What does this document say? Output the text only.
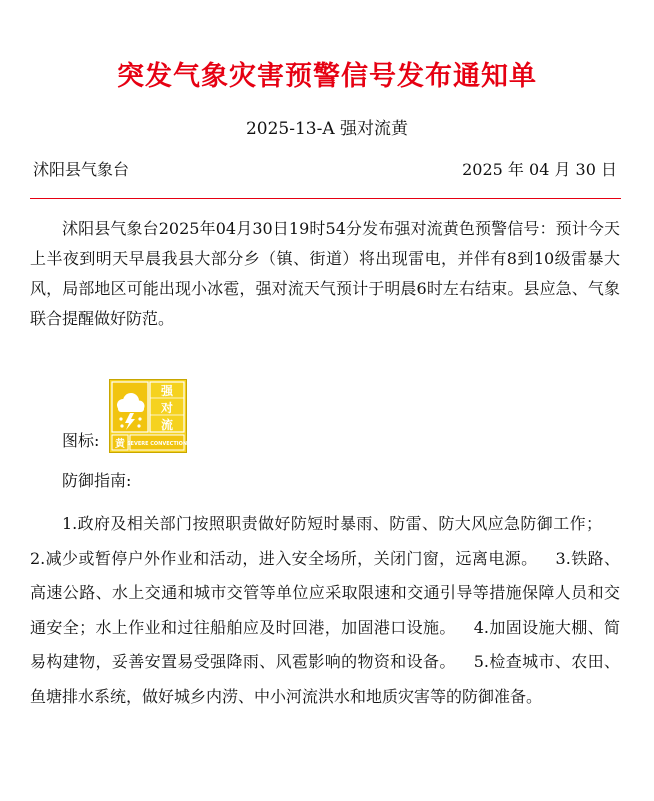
突发气象灾害预警信号发布通知单
2025-13-A 强对流黄
沭阳县气象台	2025 年 04 月 30 日

沭阳县气象台2025年04月30日19时54分发布强对流黄色预警信号：预计今天上半夜到明天早晨我县大部分乡（镇、街道）将出现雷电，并伴有8到10级雷暴大风，局部地区可能出现小冰雹，强对流天气预计于明晨6时左右结束。县应急、气象联合提醒做好防范。

图标:
强
对
流
黄 SEVERE CONVECTION
防御指南:

1.政府及相关部门按照职责做好防短时暴雨、防雷、防大风应急防御工作；2.减少或暂停户外作业和活动，进入安全场所，关闭门窗，远离电源。 3.铁路、高速公路、水上交通和城市交管等单位应采取限速和交通引导等措施保障人员和交通安全；水上作业和过往船舶应及时回港，加固港口设施。 4.加固设施大棚、简易构建物，妥善安置易受强降雨、风雹影响的物资和设备。 5.检查城市、农田、鱼塘排水系统，做好城乡内涝、中小河流洪水和地质灾害等的防御准备。
